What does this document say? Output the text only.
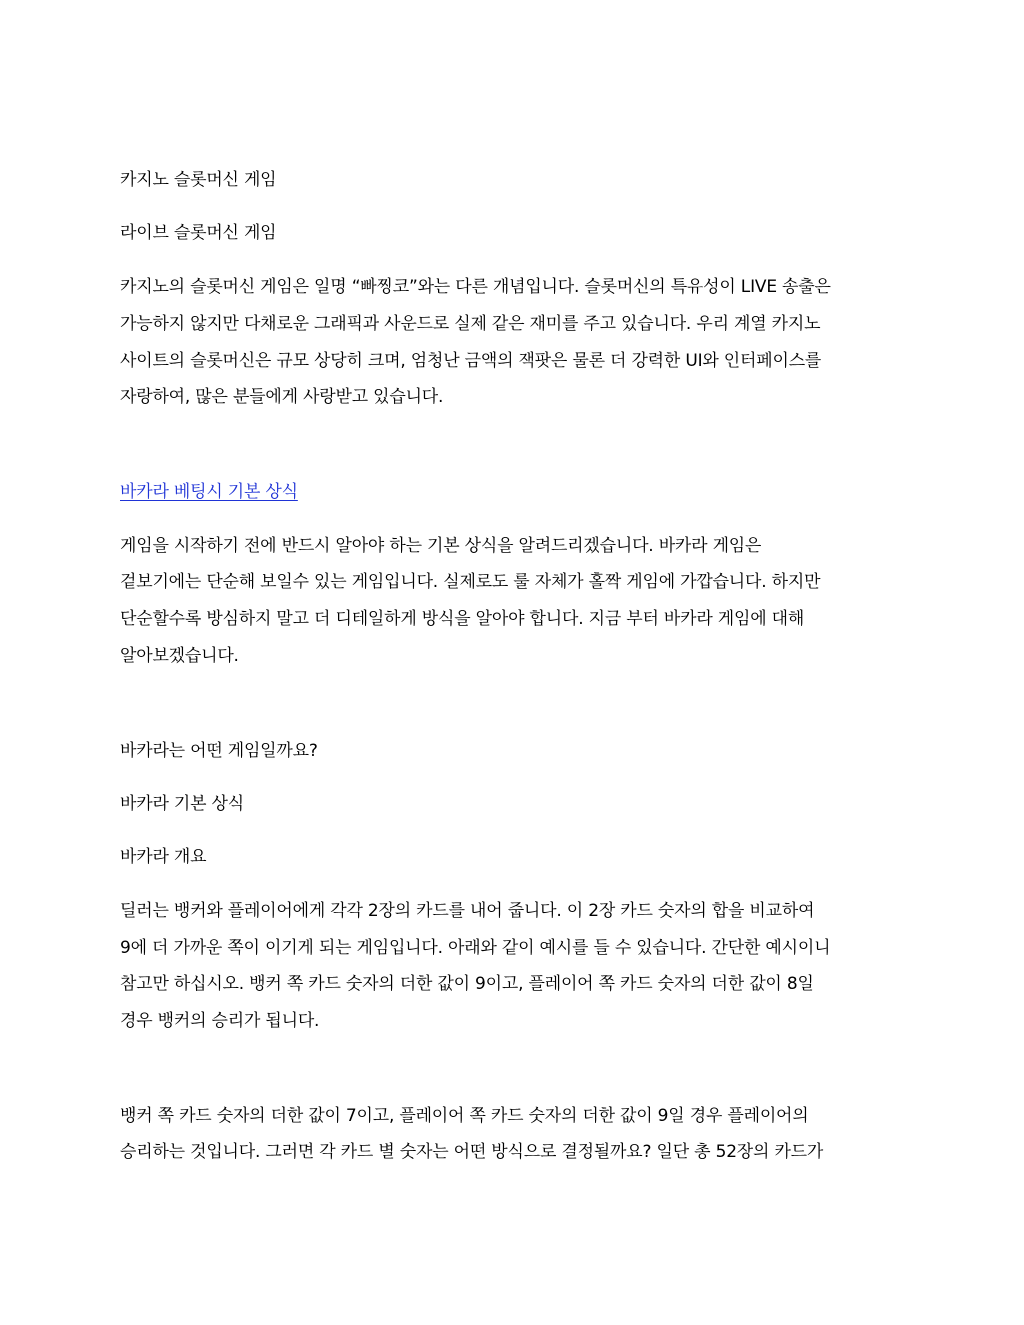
카지노 슬롯머신 게임
라이브 슬롯머신 게임
카지노의 슬롯머신 게임은 일명 “빠찡코”와는 다른 개념입니다. 슬롯머신의 특유성이 LIVE 송출은
가능하지 않지만 다채로운 그래픽과 사운드로 실제 같은 재미를 주고 있습니다. 우리 계열 카지노
사이트의 슬롯머신은 규모 상당히 크며, 엄청난 금액의 잭팟은 물론 더 강력한 UI와 인터페이스를
자랑하여, 많은 분들에게 사랑받고 있습니다.
바카라 베팅시 기본 상식
게임을 시작하기 전에 반드시 알아야 하는 기본 상식을 알려드리겠습니다. 바카라 게임은
겉보기에는 단순해 보일수 있는 게임입니다. 실제로도 룰 자체가 홀짝 게임에 가깝습니다. 하지만
단순할수록 방심하지 말고 더 디테일하게 방식을 알아야 합니다. 지금 부터 바카라 게임에 대해
알아보겠습니다.
바카라는 어떤 게임일까요?
바카라 기본 상식
바카라 개요
딜러는 뱅커와 플레이어에게 각각 2장의 카드를 내어 줍니다. 이 2장 카드 숫자의 합을 비교하여
9에 더 가까운 쪽이 이기게 되는 게임입니다. 아래와 같이 예시를 들 수 있습니다. 간단한 예시이니
참고만 하십시오. 뱅커 쪽 카드 숫자의 더한 값이 9이고, 플레이어 쪽 카드 숫자의 더한 값이 8일
경우 뱅커의 승리가 됩니다.
뱅커 쪽 카드 숫자의 더한 값이 7이고, 플레이어 쪽 카드 숫자의 더한 값이 9일 경우 플레이어의
승리하는 것입니다. 그러면 각 카드 별 숫자는 어떤 방식으로 결정될까요? 일단 총 52장의 카드가
